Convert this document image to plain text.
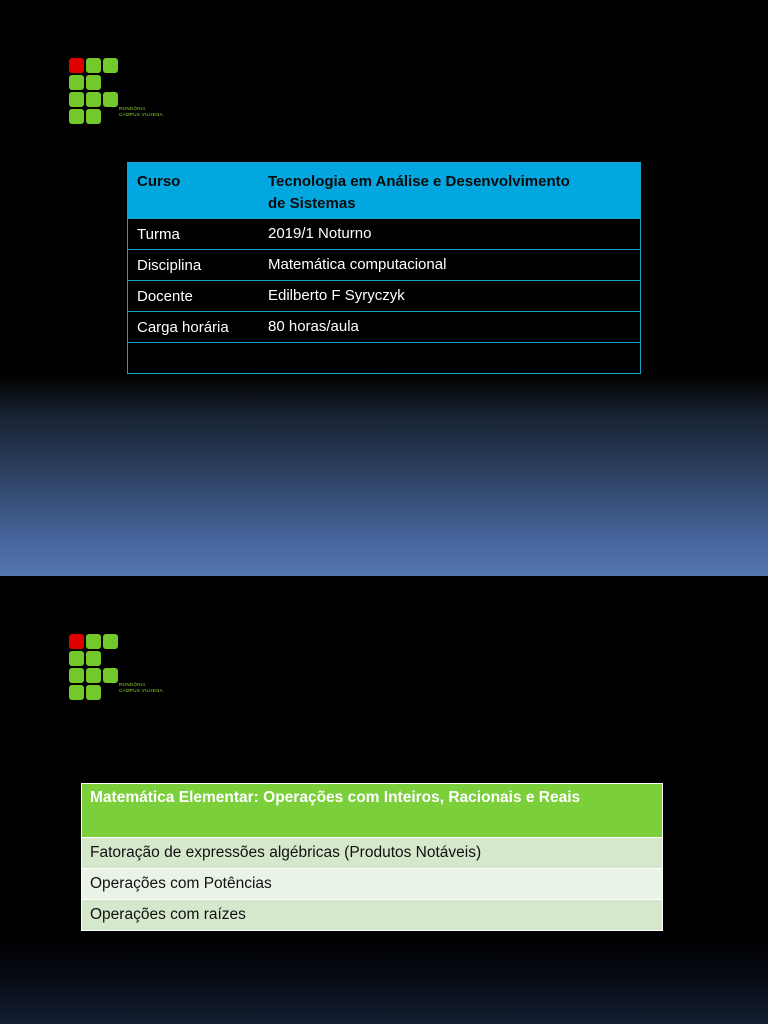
RONDÔNIA
CAMPUS VILHENA
Curso	Tecnologia em Análise e Desenvolvimento
de Sistemas
Turma	2019/1 Noturno
Disciplina	Matemática computacional
Docente	Edilberto F Syryczyk
Carga horária	80 horas/aula
RONDÔNIA
CAMPUS VILHENA
Matemática Elementar: Operações com Inteiros, Racionais e Reais
Fatoração de expressões algébricas (Produtos Notáveis)
Operações com Potências
Operações com raízes
